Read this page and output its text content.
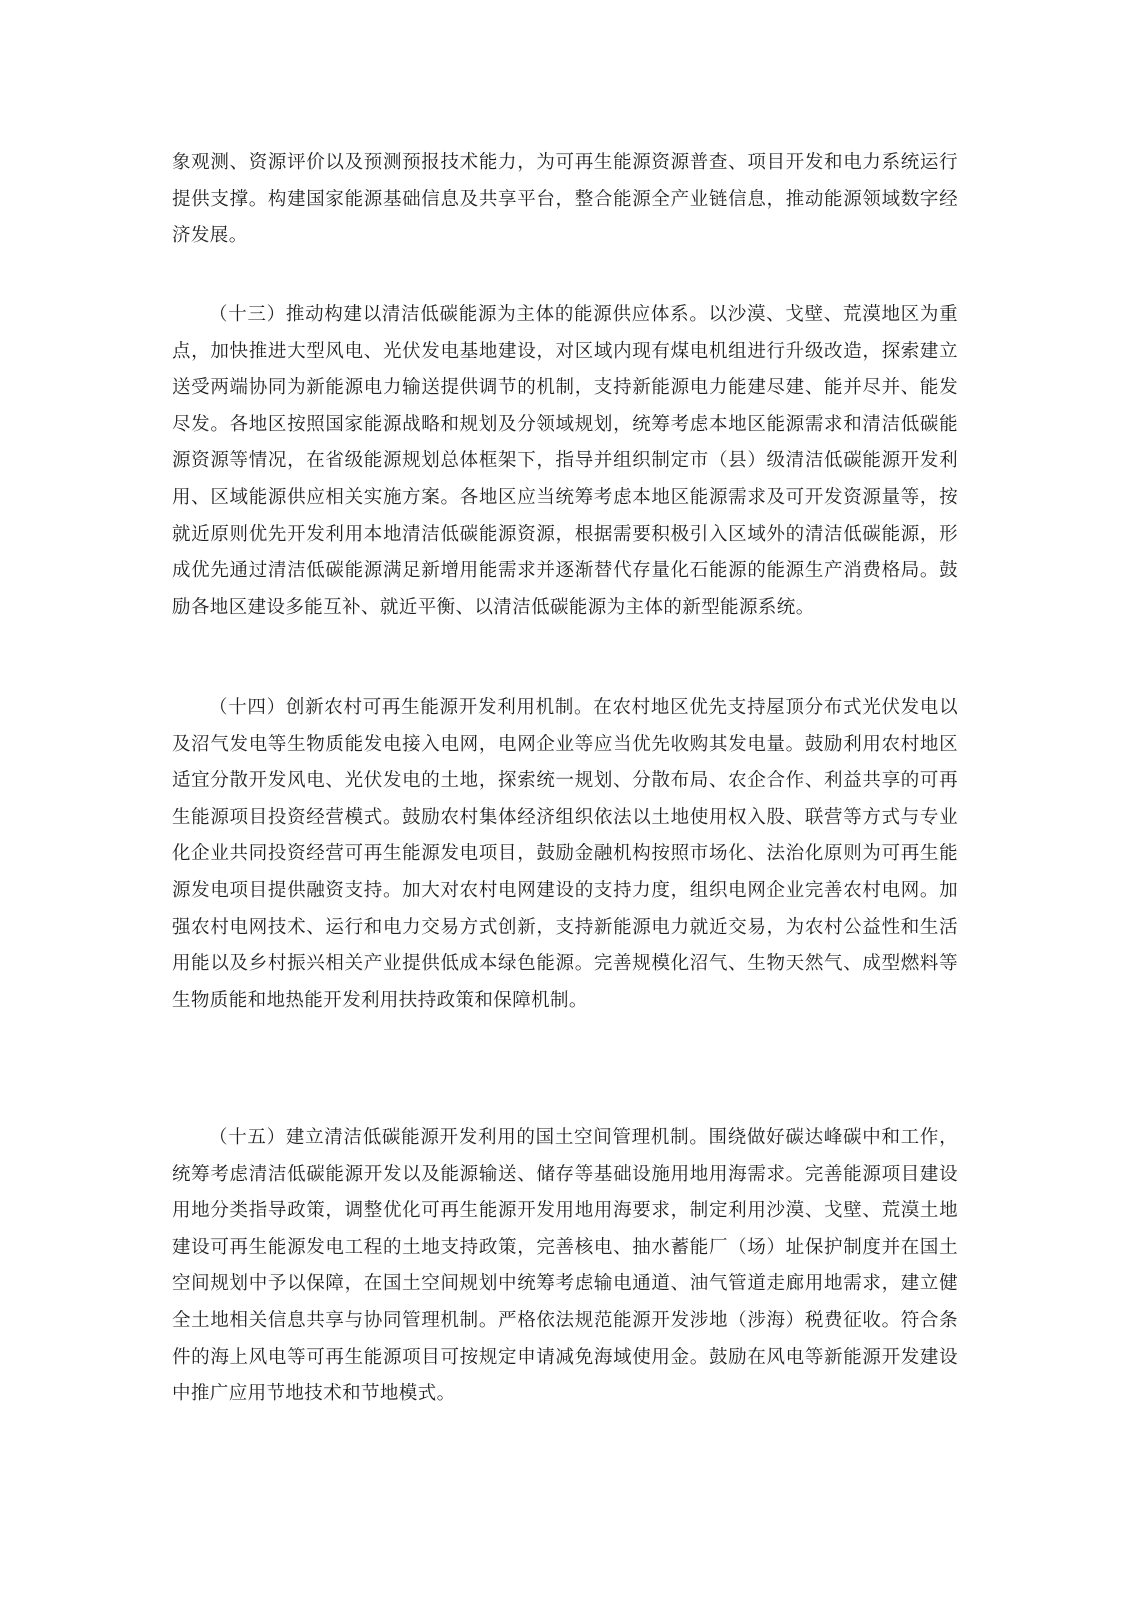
象观测、资源评价以及预测预报技术能力，为可再生能源资源普查、项目开发和电力系统运行提供支撑。构建国家能源基础信息及共享平台，整合能源全产业链信息，推动能源领域数字经济发展。

（十三）推动构建以清洁低碳能源为主体的能源供应体系。以沙漠、戈壁、荒漠地区为重点，加快推进大型风电、光伏发电基地建设，对区域内现有煤电机组进行升级改造，探索建立送受两端协同为新能源电力输送提供调节的机制，支持新能源电力能建尽建、能并尽并、能发尽发。各地区按照国家能源战略和规划及分领域规划，统筹考虑本地区能源需求和清洁低碳能源资源等情况，在省级能源规划总体框架下，指导并组织制定市（县）级清洁低碳能源开发利用、区域能源供应相关实施方案。各地区应当统筹考虑本地区能源需求及可开发资源量等，按就近原则优先开发利用本地清洁低碳能源资源，根据需要积极引入区域外的清洁低碳能源，形成优先通过清洁低碳能源满足新增用能需求并逐渐替代存量化石能源的能源生产消费格局。鼓励各地区建设多能互补、就近平衡、以清洁低碳能源为主体的新型能源系统。

（十四）创新农村可再生能源开发利用机制。在农村地区优先支持屋顶分布式光伏发电以及沼气发电等生物质能发电接入电网，电网企业等应当优先收购其发电量。鼓励利用农村地区适宜分散开发风电、光伏发电的土地，探索统一规划、分散布局、农企合作、利益共享的可再生能源项目投资经营模式。鼓励农村集体经济组织依法以土地使用权入股、联营等方式与专业化企业共同投资经营可再生能源发电项目，鼓励金融机构按照市场化、法治化原则为可再生能源发电项目提供融资支持。加大对农村电网建设的支持力度，组织电网企业完善农村电网。加强农村电网技术、运行和电力交易方式创新，支持新能源电力就近交易，为农村公益性和生活用能以及乡村振兴相关产业提供低成本绿色能源。完善规模化沼气、生物天然气、成型燃料等生物质能和地热能开发利用扶持政策和保障机制。

（十五）建立清洁低碳能源开发利用的国土空间管理机制。围绕做好碳达峰碳中和工作，统筹考虑清洁低碳能源开发以及能源输送、储存等基础设施用地用海需求。完善能源项目建设用地分类指导政策，调整优化可再生能源开发用地用海要求，制定利用沙漠、戈壁、荒漠土地建设可再生能源发电工程的土地支持政策，完善核电、抽水蓄能厂（场）址保护制度并在国土空间规划中予以保障，在国土空间规划中统筹考虑输电通道、油气管道走廊用地需求，建立健全土地相关信息共享与协同管理机制。严格依法规范能源开发涉地（涉海）税费征收。符合条件的海上风电等可再生能源项目可按规定申请减免海域使用金。鼓励在风电等新能源开发建设中推广应用节地技术和节地模式。
